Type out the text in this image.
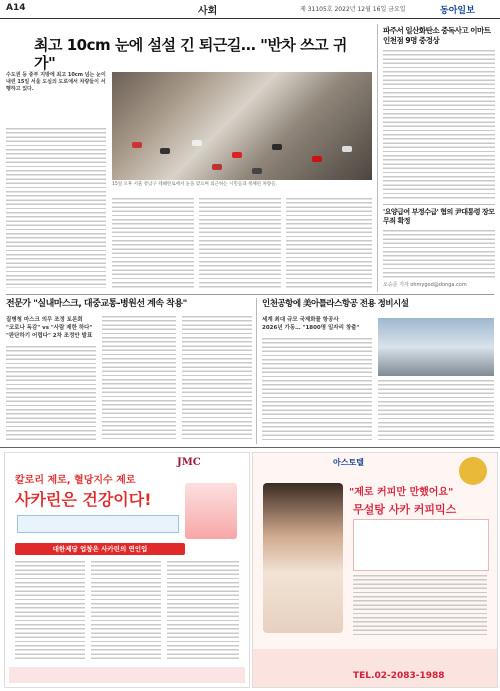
A14	사회	제 31105호 2022년 12월 16일 금요일	동아일보
최고 10cm 눈에 설설 긴 퇴근길… "반차 쓰고 귀가"
수도권 등 중부 지방에 최고 10cm 넘는 눈이 내린 15일 서울 도심의 도로에서 차량들이 서행하고 있다.
15일 오후 서울 강남구 테헤란로에서 눈을 맞으며 퇴근하는 시민들과 정체된 차량들.
파주서 일산화탄소 중독사고 이마트 인천점 9명 중경상
'요양급여 부정수급' 혐의 尹대통령 장모 무죄 확정
오승준 기자 ohmygod@donga.com
전문가 "실내마스크, 대중교통-병원선 계속 착용"
질병청 마스크 의무 조정 토론회
"코로나 독감" vs "사람 제한 하다"
"판단하기 어렵다" 2차 조정안 발표
인천공항에 美아틀라스항공 전용 정비시설
세계 최대 규모 국제화물 항공사
2026년 가동… "1800명 일자리 창출"
JMC
칼로리 제로, 혈당지수 제로
사카린은 건강이다!
대한제당 업창은 사카린의 연인입
아스토텔
"제로 커피만 만했어요"
무설탕 사카 커피믹스
TEL.02-2083-1988
